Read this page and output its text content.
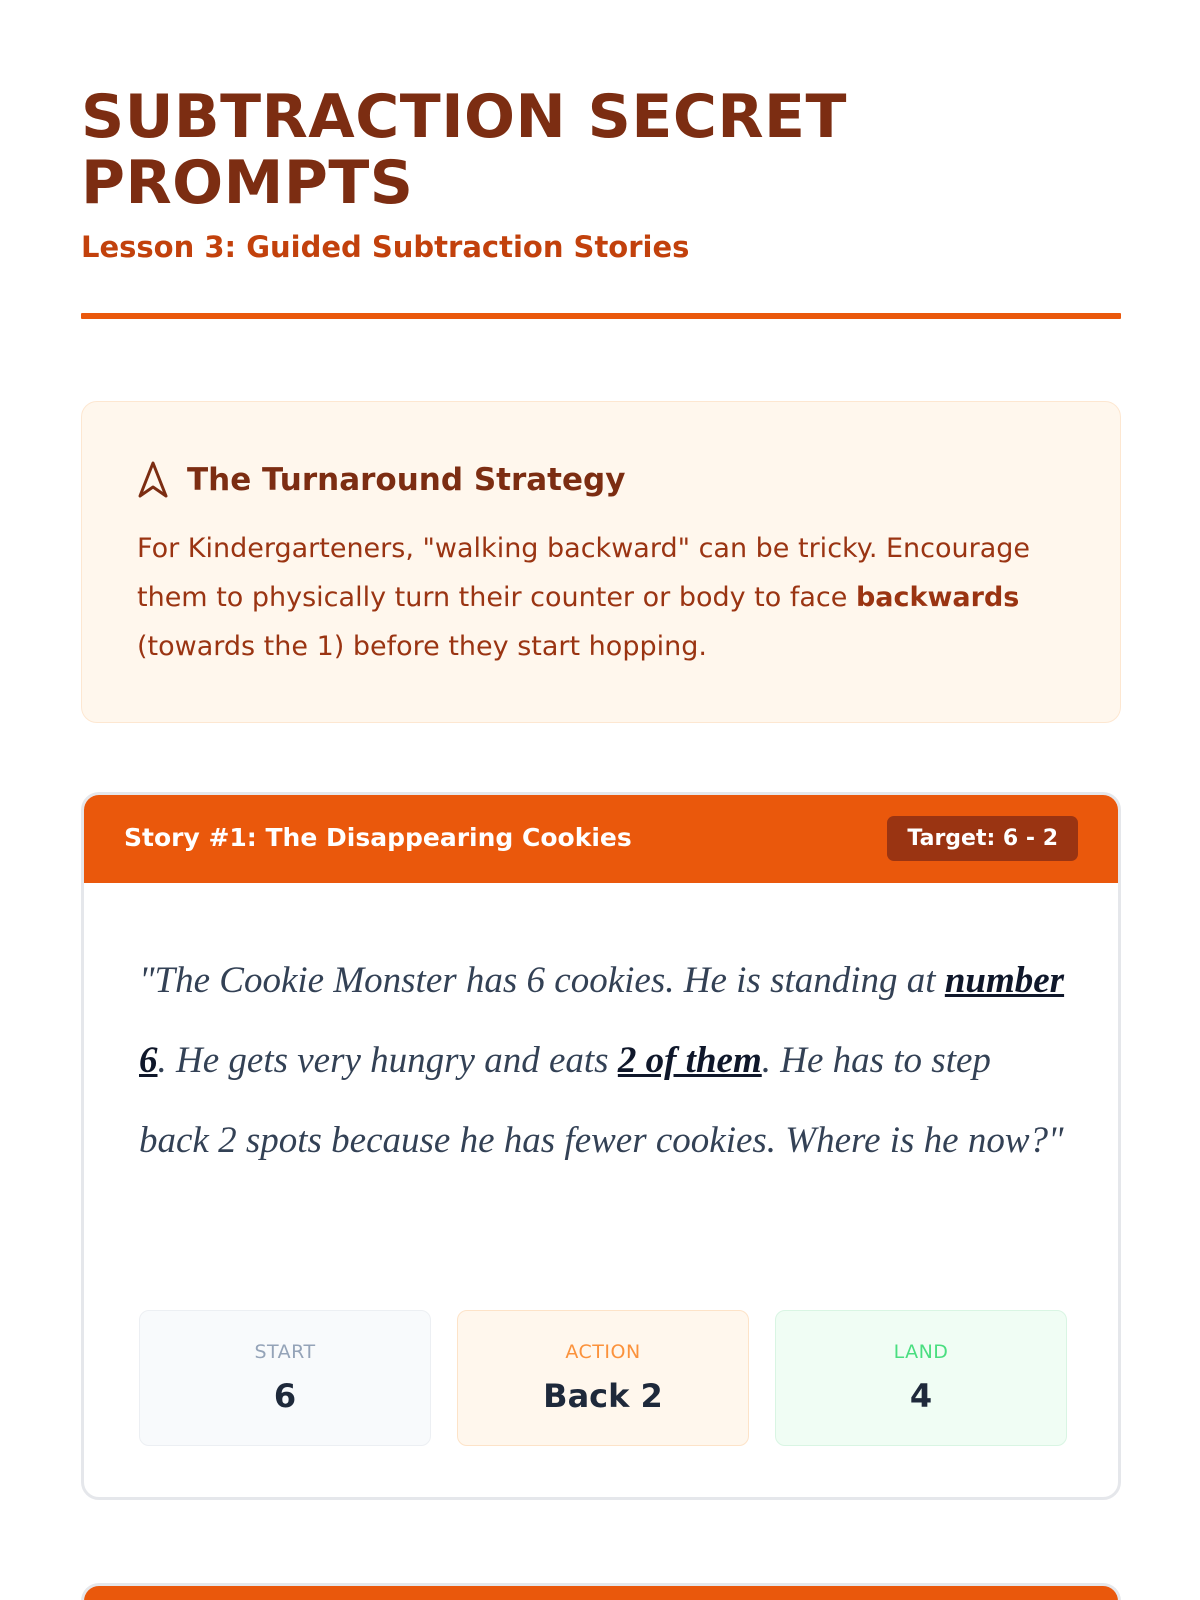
SUBTRACTION SECRET PROMPTS
Lesson 3: Guided Subtraction Stories
The Turnaround Strategy

For Kindergarteners, "walking backward" can be tricky. Encourage them to physically turn their counter or body to face backwards (towards the 1) before they start hopping.

Story #1: The Disappearing Cookies	Target: 6 - 2

"The Cookie Monster has 6 cookies. He is standing at number 6. He gets very hungry and eats 2 of them. He has to step back 2 spots because he has fewer cookies. Where is he now?"

START
6
ACTION
Back 2
LAND
4
